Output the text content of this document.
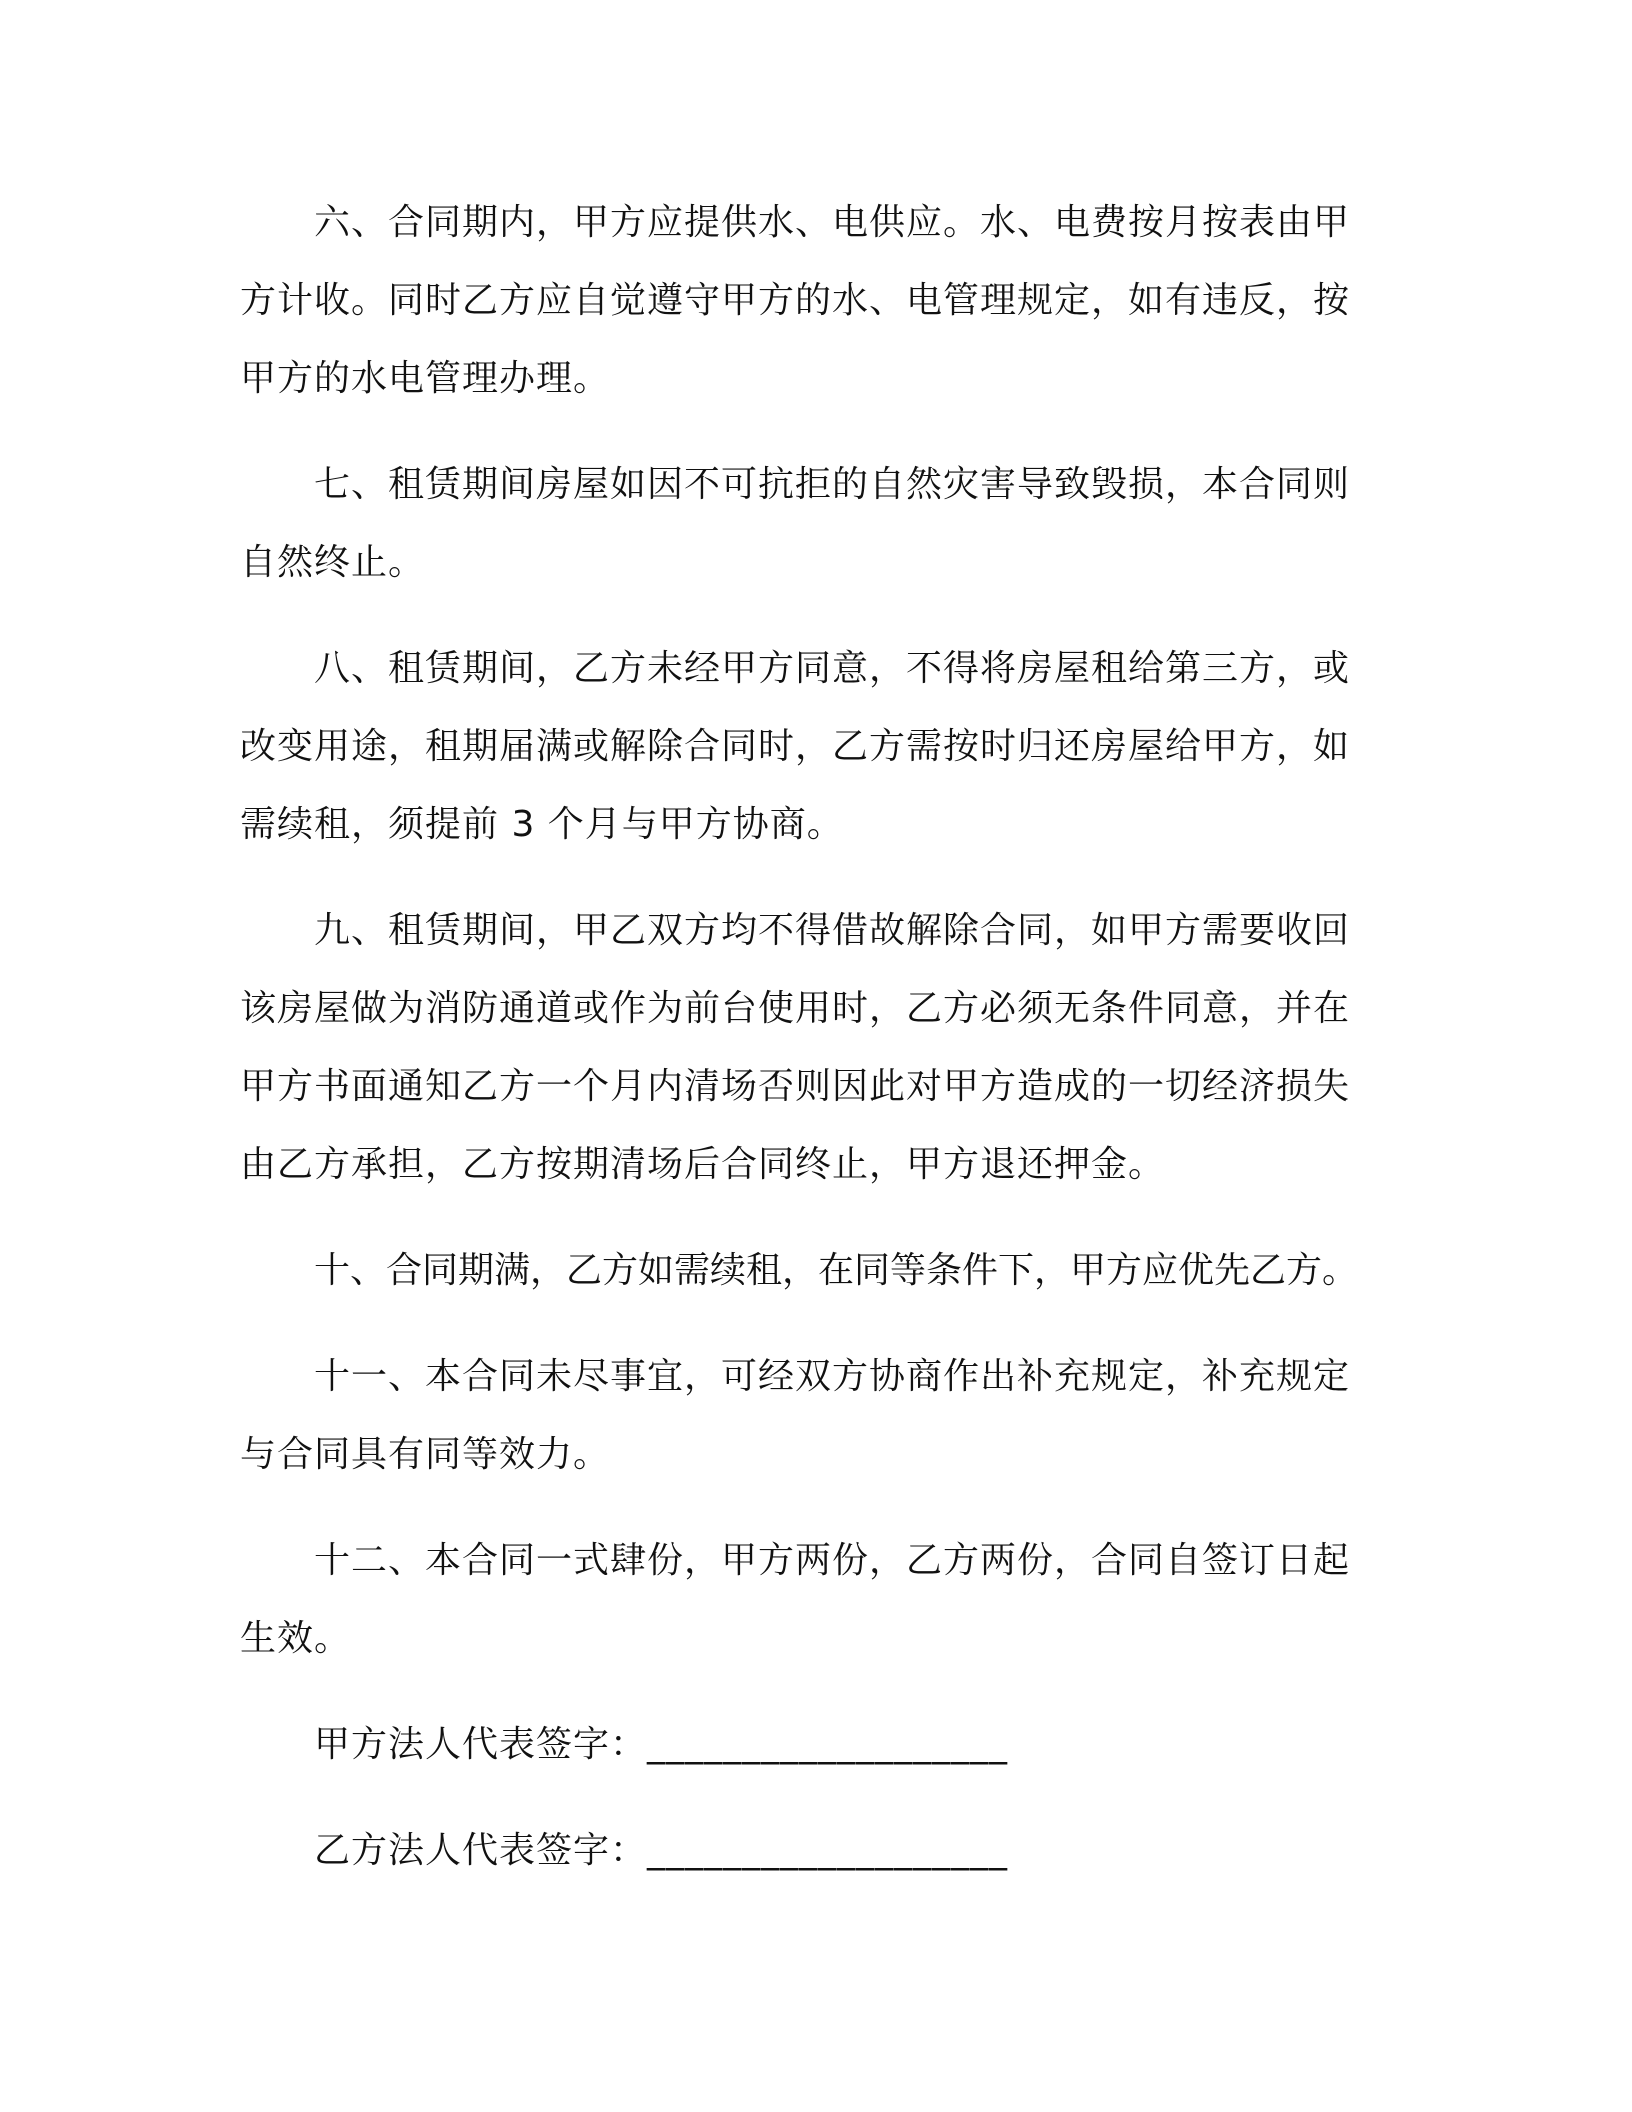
六、合同期内，甲方应提供水、电供应。水、电费按月按表由甲方计收。同时乙方应自觉遵守甲方的水、电管理规定，如有违反，按甲方的水电管理办理。

七、租赁期间房屋如因不可抗拒的自然灾害导致毁损，本合同则自然终止。

八、租赁期间，乙方未经甲方同意，不得将房屋租给第三方，或改变用途，租期届满或解除合同时，乙方需按时归还房屋给甲方，如需续租，须提前 3 个月与甲方协商。

九、租赁期间，甲乙双方均不得借故解除合同，如甲方需要收回该房屋做为消防通道或作为前台使用时，乙方必须无条件同意，并在甲方书面通知乙方一个月内清场否则因此对甲方造成的一切经济损失由乙方承担，乙方按期清场后合同终止，甲方退还押金。

十、合同期满，乙方如需续租，在同等条件下，甲方应优先乙方。

十一、本合同未尽事宜，可经双方协商作出补充规定，补充规定与合同具有同等效力。

十二、本合同一式肆份，甲方两份，乙方两份，合同自签订日起生效。

甲方法人代表签字：___________________

乙方法人代表签字：___________________
